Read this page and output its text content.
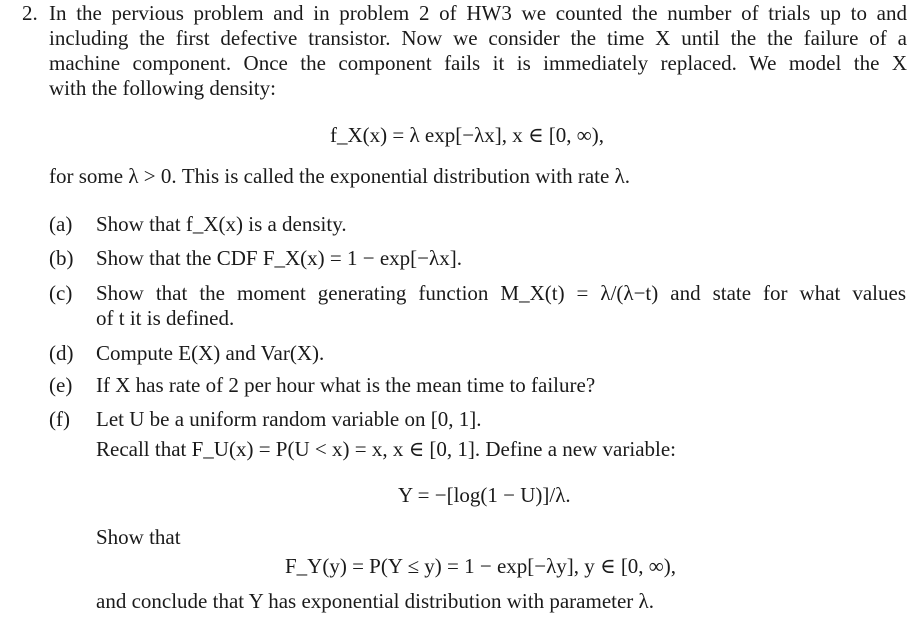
2. In the pervious problem and in problem 2 of HW3 we counted the number of trials up to and
including the first defective transistor. Now we consider the time X until the the failure of a
machine component. Once the component fails it is immediately replaced. We model the X
with the following density:
f_X(x) = λ exp[−λx], x ∈ [0, ∞),
for some λ > 0. This is called the exponential distribution with rate λ.
(a) Show that f_X(x) is a density.
(b) Show that the CDF F_X(x) = 1 − exp[−λx].
(c) Show that the moment generating function M_X(t) = λ/(λ−t) and state for what values
of t it is defined.
(d) Compute E(X) and Var(X).
(e) If X has rate of 2 per hour what is the mean time to failure?
(f) Let U be a uniform random variable on [0, 1].
Recall that F_U(x) = P(U < x) = x, x ∈ [0, 1]. Define a new variable:
Y = −[log(1 − U)]/λ.
Show that
F_Y(y) = P(Y ≤ y) = 1 − exp[−λy], y ∈ [0, ∞),
and conclude that Y has exponential distribution with parameter λ.
